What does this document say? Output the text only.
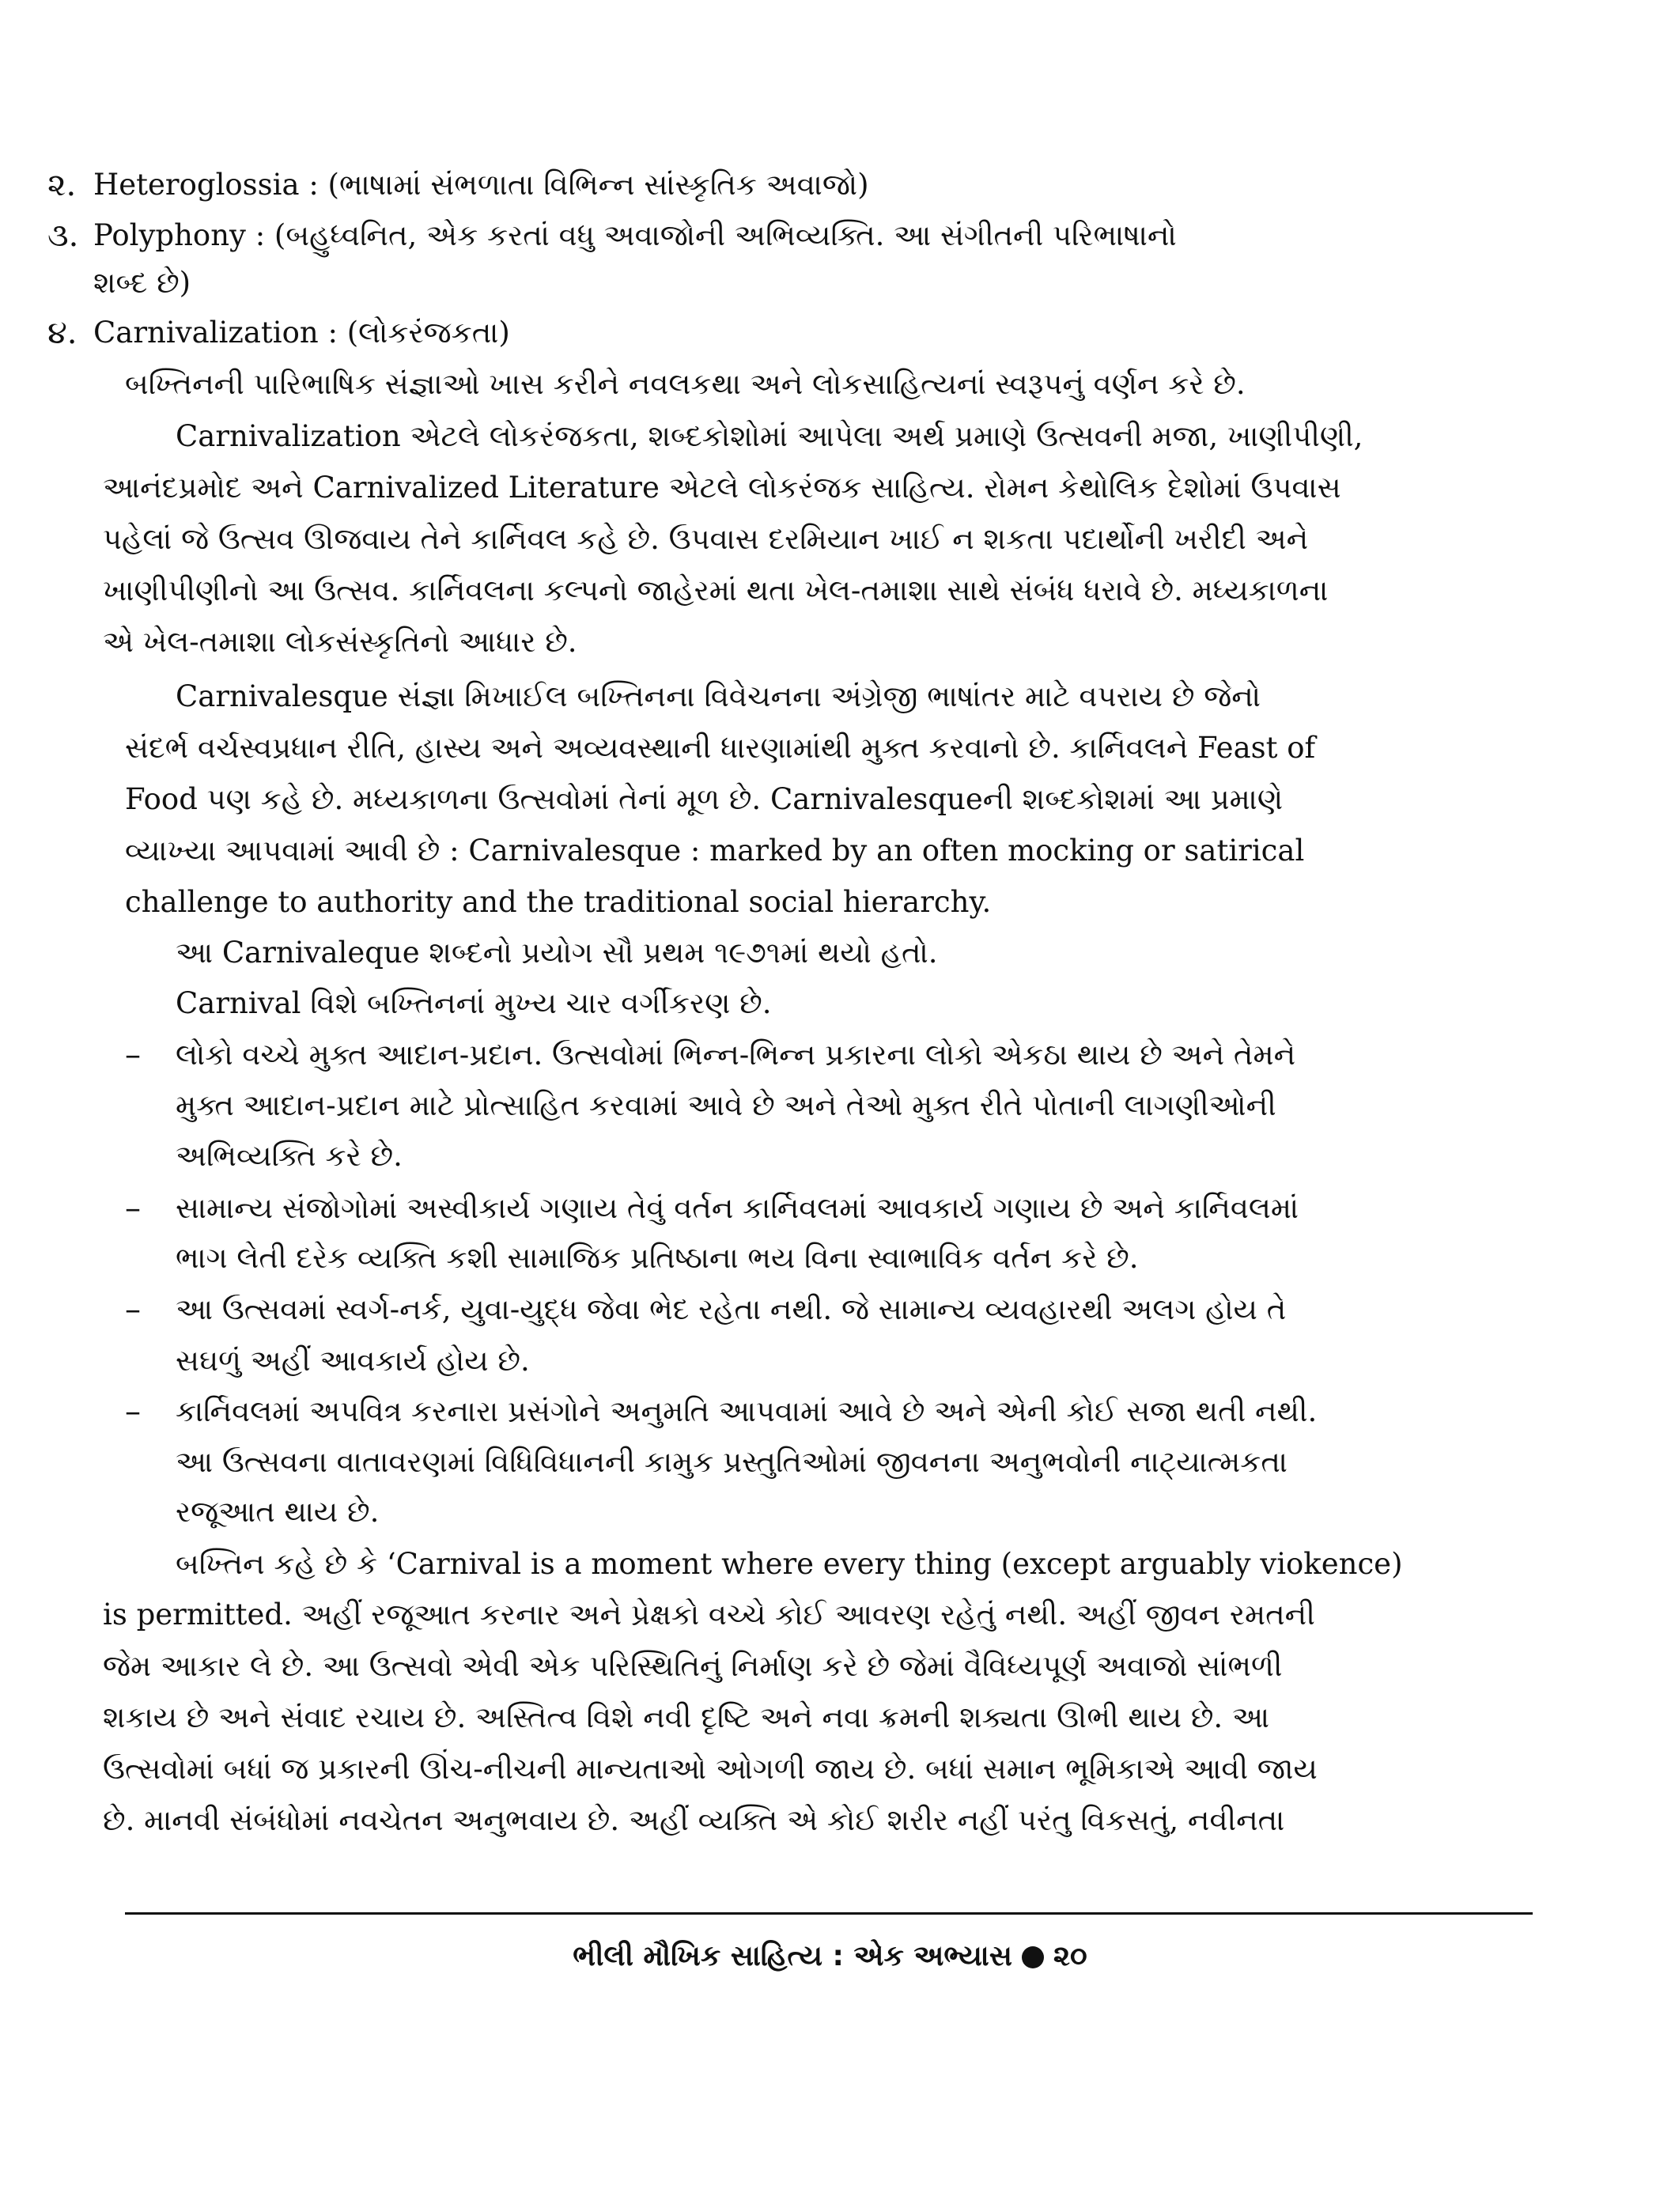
૨. Heteroglossia : (ભાષામાં સંભળાતા વિભિન્ન સાંસ્કૃતિક અવાજો)
૩. Polyphony : (બહુધ્વનિત, એક કરતાં વધુ અવાજોની અભિવ્યક્તિ. આ સંગીતની પરિભાષાનો
શબ્દ છે)
૪. Carnivalization : (લોકરંજકતા)
બખ્તિનની પારિભાષિક સંજ્ઞાઓ ખાસ કરીને નવલકથા અને લોકસાહિત્યનાં સ્વરૂપનું વર્ણન કરે છે.
Carnivalization એટલે લોકરંજકતા, શબ્દકોશોમાં આપેલા અર્થ પ્રમાણે ઉત્સવની મજા, ખાણીપીણી,
આનંદપ્રમોદ અને Carnivalized Literature એટલે લોકરંજક સાહિત્ય. રોમન કેથોલિક દેશોમાં ઉપવાસ
પહેલાં જે ઉત્સવ ઊજવાય તેને કાર્નિવલ કહે છે. ઉપવાસ દરમિયાન ખાઈ ન શકતા પદાર્થોની ખરીદી અને
ખાણીપીણીનો આ ઉત્સવ. કાર્નિવલના કલ્પનો જાહેરમાં થતા ખેલ-તમાશા સાથે સંબંધ ધરાવે છે. મધ્યકાળના
એ ખેલ-તમાશા લોકસંસ્કૃતિનો આધાર છે.
Carnivalesque સંજ્ઞા મિખાઈલ બખ્તિનના વિવેચનના અંગ્રેજી ભાષાંતર માટે વપરાય છે જેનો
સંદર્ભ વર્ચસ્વપ્રધાન રીતિ, હાસ્ય અને અવ્યવસ્થાની ધારણામાંથી મુક્ત કરવાનો છે. કાર્નિવલને Feast of
Food પણ કહે છે. મધ્યકાળના ઉત્સવોમાં તેનાં મૂળ છે. Carnivalesqueની શબ્દકોશમાં આ પ્રમાણે
વ્યાખ્યા આપવામાં આવી છે : Carnivalesque : marked by an often mocking or satirical
challenge to authority and the traditional social hierarchy.
આ Carnivaleque શબ્દનો પ્રયોગ સૌ પ્રથમ ૧૯૭૧માં થયો હતો.
Carnival વિશે બખ્તિનનાં મુખ્ય ચાર વર્ગીકરણ છે.
– લોકો વચ્ચે મુક્ત આદાન-પ્રદાન. ઉત્સવોમાં ભિન્ન-ભિન્ન પ્રકારના લોકો એકઠા થાય છે અને તેમને
મુક્ત આદાન-પ્રદાન માટે પ્રોત્સાહિત કરવામાં આવે છે અને તેઓ મુક્ત રીતે પોતાની લાગણીઓની
અભિવ્યક્તિ કરે છે.
– સામાન્ય સંજોગોમાં અસ્વીકાર્ય ગણાય તેવું વર્તન કાર્નિવલમાં આવકાર્ય ગણાય છે અને કાર્નિવલમાં
ભાગ લેતી દરેક વ્યક્તિ કશી સામાજિક પ્રતિષ્ઠાના ભય વિના સ્વાભાવિક વર્તન કરે છે.
– આ ઉત્સવમાં સ્વર્ગ-નર્ક, યુવા-યુદ્ધ જેવા ભેદ રહેતા નથી. જે સામાન્ય વ્યવહારથી અલગ હોય તે
સઘળું અહીં આવકાર્ય હોય છે.
– કાર્નિવલમાં અપવિત્ર કરનારા પ્રસંગોને અનુમતિ આપવામાં આવે છે અને એની કોઈ સજા થતી નથી.
આ ઉત્સવના વાતાવરણમાં વિધિવિધાનની કામુક પ્રસ્તુતિઓમાં જીવનના અનુભવોની નાટ્યાત્મકતા
રજૂઆત થાય છે.
બખ્તિન કહે છે કે ‘Carnival is a moment where every thing (except arguably viokence)
is permitted. અહીં રજૂઆત કરનાર અને પ્રેક્ષકો વચ્ચે કોઈ આવરણ રહેતું નથી. અહીં જીવન રમતની
જેમ આકાર લે છે. આ ઉત્સવો એવી એક પરિસ્થિતિનું નિર્માણ કરે છે જેમાં વૈવિધ્યપૂર્ણ અવાજો સાંભળી
શકાય છે અને સંવાદ રચાય છે. અસ્તિત્વ વિશે નવી દૃષ્ટિ અને નવા ક્રમની શક્યતા ઊભી થાય છે. આ
ઉત્સવોમાં બધાં જ પ્રકારની ઊંચ-નીચની માન્યતાઓ ઓગળી જાય છે. બધાં સમાન ભૂમિકાએ આવી જાય
છે. માનવી સંબંધોમાં નવચેતન અનુભવાય છે. અહીં વ્યક્તિ એ કોઈ શરીર નહીં પરંતુ વિકસતું, નવીનતા
ભીલી મૌખિક સાહિત્ય : એક અભ્યાસ ૨૦
